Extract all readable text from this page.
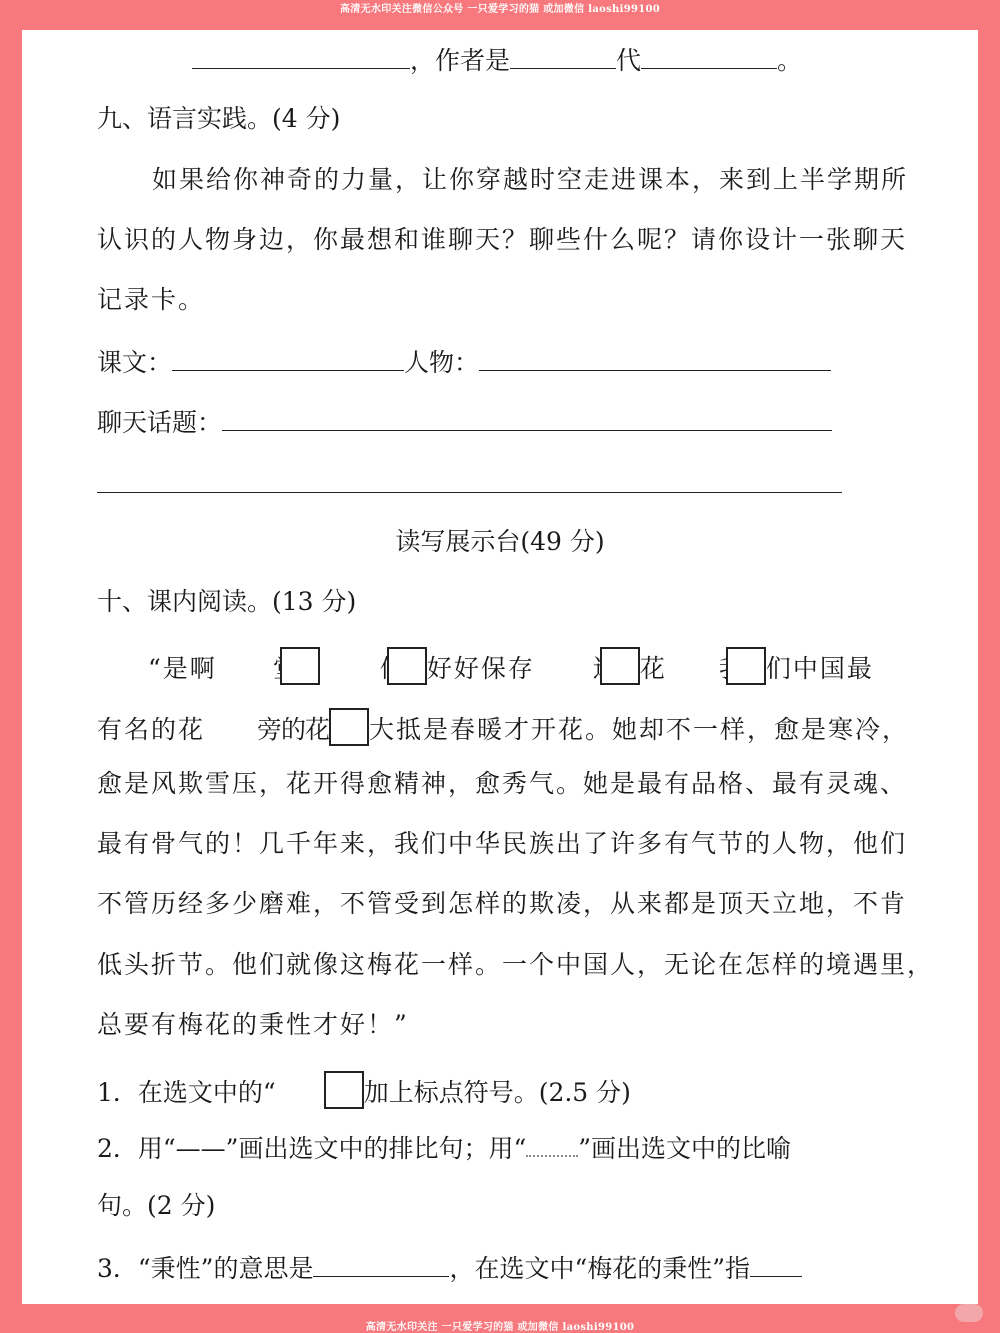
高清无水印关注微信公众号 一只爱学习的猫 或加微信 laoshi99100
，作者是	代	。
九、语言实践。(4 分)
如果给你神奇的力量，让你穿越时空走进课本，来到上半学期所
认识的人物身边，你最想和谁聊天？聊些什么呢？请你设计一张聊天
记录卡。
课文：	人物：
聊天话题：
读写展示台(49 分)
十、课内阅读。(13 分)
“是啊 堂	借 好好保存 这 花 我 们中国最
有名的花 旁的花 大抵是春暖才开花。她却不一样，愈是寒冷，
愈是风欺雪压，花开得愈精神，愈秀气。她是最有品格、最有灵魂、
最有骨气的！几千年来，我们中华民族出了许多有气节的人物，他们
不管历经多少磨难，不管受到怎样的欺凌，从来都是顶天立地，不肯
低头折节。他们就像这梅花一样。一个中国人，无论在怎样的境遇里，
总要有梅花的秉性才好！”
1．在选文中的“	加上标点符号。(2.5 分)
2．用“——”画出选文中的排比句；用“ ”画出选文中的比喻
句。(2 分)
3．“秉性”的意思是	，在选文中“梅花的秉性”指
高清无水印关注 一只爱学习的猫 或加微信 laoshi99100
